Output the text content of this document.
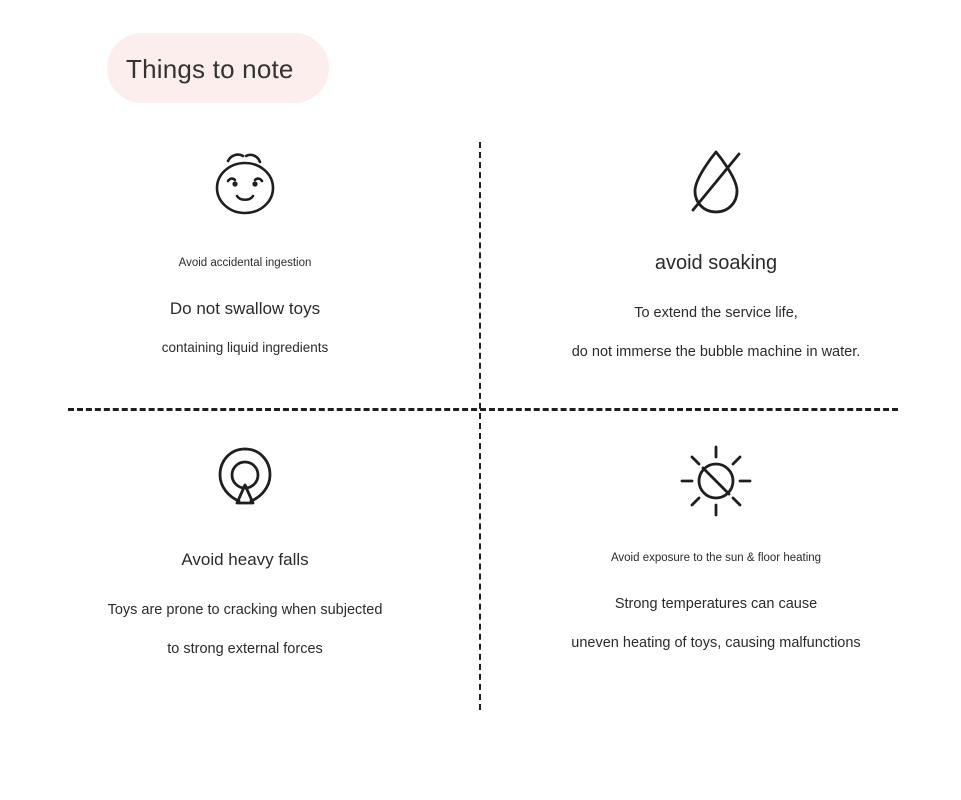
Things to note

Avoid accidental ingestion

Do not swallow toys

containing liquid ingredients

avoid soaking

To extend the service life,

do not immerse the bubble machine in water.

Avoid heavy falls

Toys are prone to cracking when subjected

to strong external forces

Avoid exposure to the sun & floor heating

Strong temperatures can cause

uneven heating of toys, causing malfunctions
